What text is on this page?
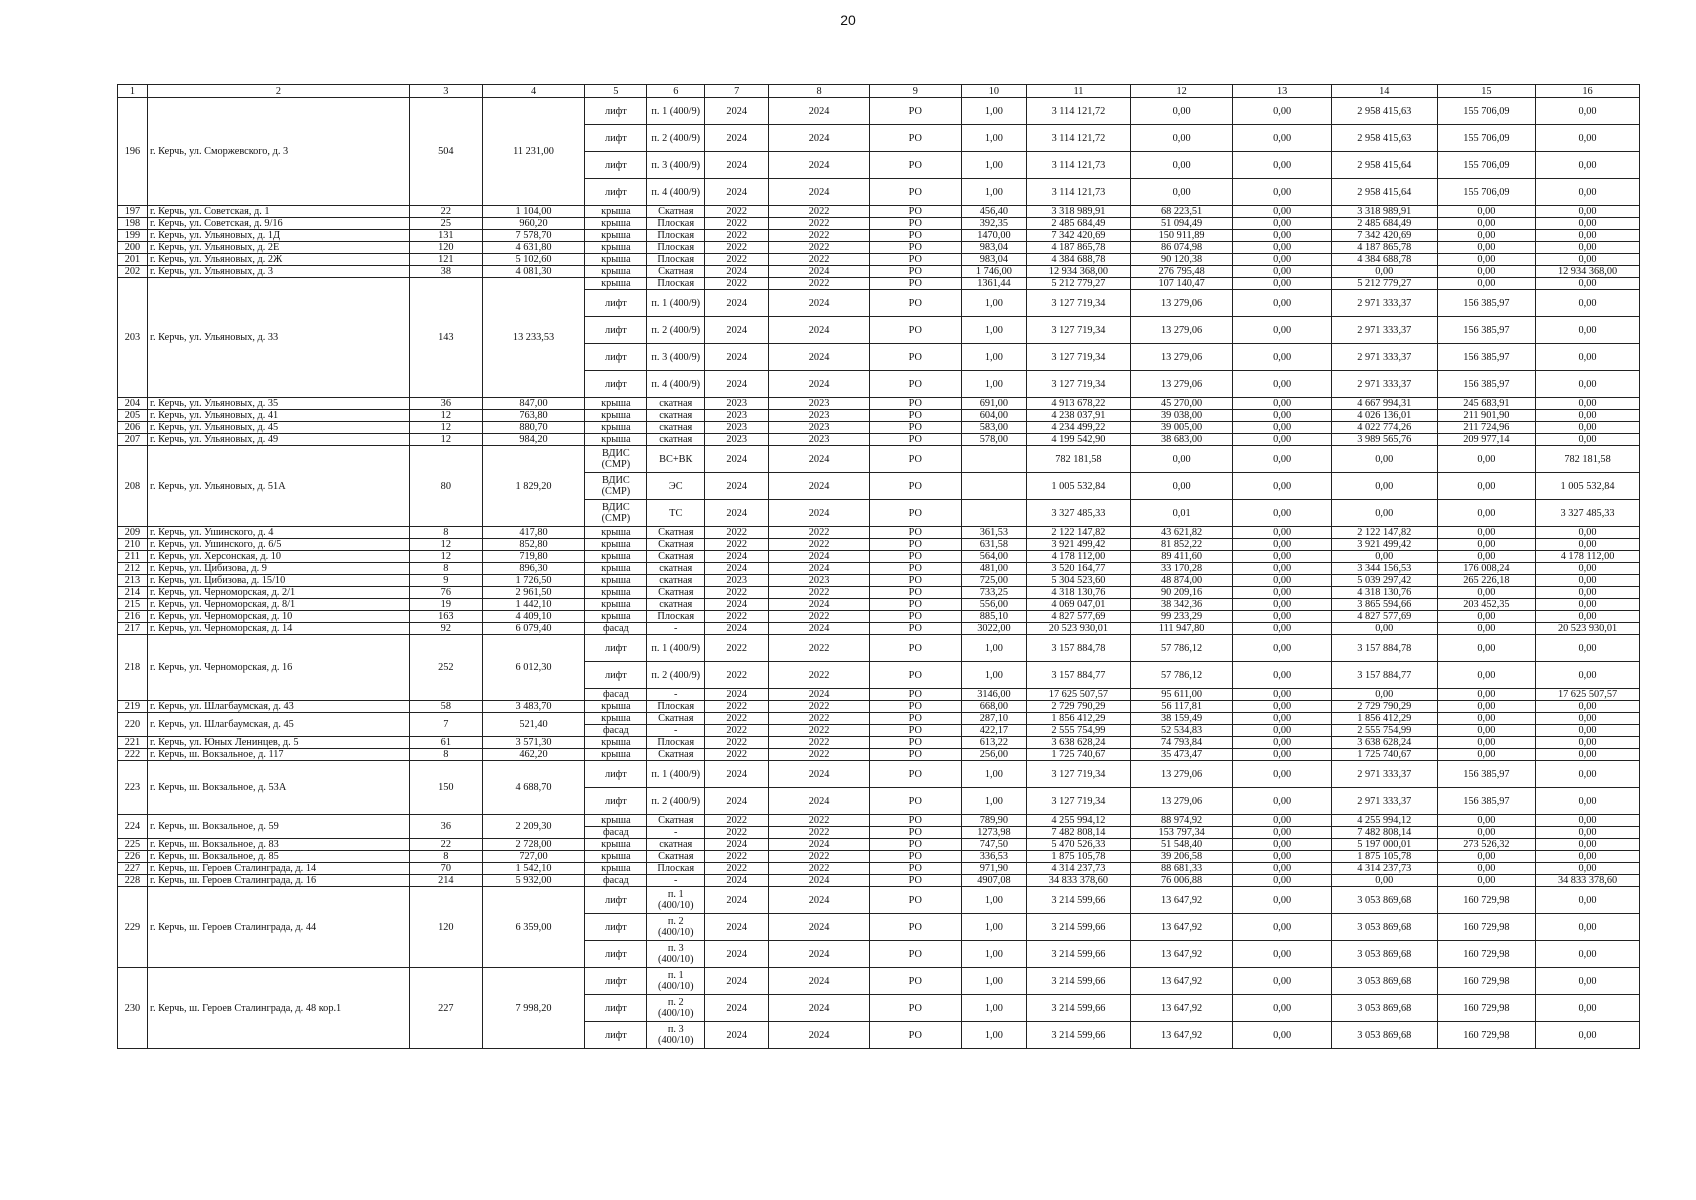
20
1	2	3	4	5	6	7	8	9	10	11	12	13	14	15	16
196	г. Керчь, ул. Сморжевского, д. 3	504	11 231,00	лифт	п. 1 (400/9)	2024	2024	РО	1,00	3 114 121,72	0,00	0,00	2 958 415,63	155 706,09	0,00
				лифт	п. 2 (400/9)	2024	2024	РО	1,00	3 114 121,72	0,00	0,00	2 958 415,63	155 706,09	0,00
				лифт	п. 3 (400/9)	2024	2024	РО	1,00	3 114 121,73	0,00	0,00	2 958 415,64	155 706,09	0,00
				лифт	п. 4 (400/9)	2024	2024	РО	1,00	3 114 121,73	0,00	0,00	2 958 415,64	155 706,09	0,00
197	г. Керчь, ул. Советская, д. 1	22	1 104,00	крыша	Скатная	2022	2022	РО	456,40	3 318 989,91	68 223,51	0,00	3 318 989,91	0,00	0,00
198	г. Керчь, ул. Советская, д. 9/16	25	960,20	крыша	Плоская	2022	2022	РО	392,35	2 485 684,49	51 094,49	0,00	2 485 684,49	0,00	0,00
199	г. Керчь, ул. Ульяновых, д. 1Д	131	7 578,70	крыша	Плоская	2022	2022	РО	1470,00	7 342 420,69	150 911,89	0,00	7 342 420,69	0,00	0,00
200	г. Керчь, ул. Ульяновых, д. 2Е	120	4 631,80	крыша	Плоская	2022	2022	РО	983,04	4 187 865,78	86 074,98	0,00	4 187 865,78	0,00	0,00
201	г. Керчь, ул. Ульяновых, д. 2Ж	121	5 102,60	крыша	Плоская	2022	2022	РО	983,04	4 384 688,78	90 120,38	0,00	4 384 688,78	0,00	0,00
202	г. Керчь, ул. Ульяновых, д. 3	38	4 081,30	крыша	Скатная	2024	2024	РО	1 746,00	12 934 368,00	276 795,48	0,00	0,00	0,00	12 934 368,00
203	г. Керчь, ул. Ульяновых, д. 33	143	13 233,53	крыша	Плоская	2022	2022	РО	1361,44	5 212 779,27	107 140,47	0,00	5 212 779,27	0,00	0,00
				лифт	п. 1 (400/9)	2024	2024	РО	1,00	3 127 719,34	13 279,06	0,00	2 971 333,37	156 385,97	0,00
				лифт	п. 2 (400/9)	2024	2024	РО	1,00	3 127 719,34	13 279,06	0,00	2 971 333,37	156 385,97	0,00
				лифт	п. 3 (400/9)	2024	2024	РО	1,00	3 127 719,34	13 279,06	0,00	2 971 333,37	156 385,97	0,00
				лифт	п. 4 (400/9)	2024	2024	РО	1,00	3 127 719,34	13 279,06	0,00	2 971 333,37	156 385,97	0,00
204	г. Керчь, ул. Ульяновых, д. 35	36	847,00	крыша	скатная	2023	2023	РО	691,00	4 913 678,22	45 270,00	0,00	4 667 994,31	245 683,91	0,00
205	г. Керчь, ул. Ульяновых, д. 41	12	763,80	крыша	скатная	2023	2023	РО	604,00	4 238 037,91	39 038,00	0,00	4 026 136,01	211 901,90	0,00
206	г. Керчь, ул. Ульяновых, д. 45	12	880,70	крыша	скатная	2023	2023	РО	583,00	4 234 499,22	39 005,00	0,00	4 022 774,26	211 724,96	0,00
207	г. Керчь, ул. Ульяновых, д. 49	12	984,20	крыша	скатная	2023	2023	РО	578,00	4 199 542,90	38 683,00	0,00	3 989 565,76	209 977,14	0,00
208	г. Керчь, ул. Ульяновых, д. 51А	80	1 829,20	ВДИС (СМР)	ВС+ВК	2024	2024	РО		782 181,58	0,00	0,00	0,00	0,00	782 181,58
				ВДИС (СМР)	ЭС	2024	2024	РО		1 005 532,84	0,00	0,00	0,00	0,00	1 005 532,84
				ВДИС (СМР)	ТС	2024	2024	РО		3 327 485,33	0,01	0,00	0,00	0,00	3 327 485,33
209	г. Керчь, ул. Ушинского, д. 4	8	417,80	крыша	Скатная	2022	2022	РО	361,53	2 122 147,82	43 621,82	0,00	2 122 147,82	0,00	0,00
210	г. Керчь, ул. Ушинского, д. 6/5	12	852,80	крыша	Скатная	2022	2022	РО	631,58	3 921 499,42	81 852,22	0,00	3 921 499,42	0,00	0,00
211	г. Керчь, ул. Херсонская, д. 10	12	719,80	крыша	Скатная	2024	2024	РО	564,00	4 178 112,00	89 411,60	0,00	0,00	0,00	4 178 112,00
212	г. Керчь, ул. Цибизова, д. 9	8	896,30	крыша	скатная	2024	2024	РО	481,00	3 520 164,77	33 170,28	0,00	3 344 156,53	176 008,24	0,00
213	г. Керчь, ул. Цибизова, д. 15/10	9	1 726,50	крыша	скатная	2023	2023	РО	725,00	5 304 523,60	48 874,00	0,00	5 039 297,42	265 226,18	0,00
214	г. Керчь, ул. Черноморская, д. 2/1	76	2 961,50	крыша	Скатная	2022	2022	РО	733,25	4 318 130,76	90 209,16	0,00	4 318 130,76	0,00	0,00
215	г. Керчь, ул. Черноморская, д. 8/1	19	1 442,10	крыша	скатная	2024	2024	РО	556,00	4 069 047,01	38 342,36	0,00	3 865 594,66	203 452,35	0,00
216	г. Керчь, ул. Черноморская, д. 10	163	4 409,10	крыша	Плоская	2022	2022	РО	885,10	4 827 577,69	99 233,29	0,00	4 827 577,69	0,00	0,00
217	г. Керчь, ул. Черноморская, д. 14	92	6 079,40	фасад	-	2024	2024	РО	3022,00	20 523 930,01	111 947,80	0,00	0,00	0,00	20 523 930,01
218	г. Керчь, ул. Черноморская, д. 16	252	6 012,30	лифт	п. 1 (400/9)	2022	2022	РО	1,00	3 157 884,78	57 786,12	0,00	3 157 884,78	0,00	0,00
				лифт	п. 2 (400/9)	2022	2022	РО	1,00	3 157 884,77	57 786,12	0,00	3 157 884,77	0,00	0,00
				фасад	-	2024	2024	РО	3146,00	17 625 507,57	95 611,00	0,00	0,00	0,00	17 625 507,57
219	г. Керчь, ул. Шлагбаумская, д. 43	58	3 483,70	крыша	Плоская	2022	2022	РО	668,00	2 729 790,29	56 117,81	0,00	2 729 790,29	0,00	0,00
220	г. Керчь, ул. Шлагбаумская, д. 45	7	521,40	крыша	Скатная	2022	2022	РО	287,10	1 856 412,29	38 159,49	0,00	1 856 412,29	0,00	0,00
				фасад	-	2022	2022	РО	422,17	2 555 754,99	52 534,83	0,00	2 555 754,99	0,00	0,00
221	г. Керчь, ул. Юных Ленинцев, д. 5	61	3 571,30	крыша	Плоская	2022	2022	РО	613,22	3 638 628,24	74 793,84	0,00	3 638 628,24	0,00	0,00
222	г. Керчь, ш. Вокзальное, д. 117	8	462,20	крыша	Скатная	2022	2022	РО	256,00	1 725 740,67	35 473,47	0,00	1 725 740,67	0,00	0,00
223	г. Керчь, ш. Вокзальное, д. 53А	150	4 688,70	лифт	п. 1 (400/9)	2024	2024	РО	1,00	3 127 719,34	13 279,06	0,00	2 971 333,37	156 385,97	0,00
				лифт	п. 2 (400/9)	2024	2024	РО	1,00	3 127 719,34	13 279,06	0,00	2 971 333,37	156 385,97	0,00
224	г. Керчь, ш. Вокзальное, д. 59	36	2 209,30	крыша	Скатная	2022	2022	РО	789,90	4 255 994,12	88 974,92	0,00	4 255 994,12	0,00	0,00
				фасад	-	2022	2022	РО	1273,98	7 482 808,14	153 797,34	0,00	7 482 808,14	0,00	0,00
225	г. Керчь, ш. Вокзальное, д. 83	22	2 728,00	крыша	скатная	2024	2024	РО	747,50	5 470 526,33	51 548,40	0,00	5 197 000,01	273 526,32	0,00
226	г. Керчь, ш. Вокзальное, д. 85	8	727,00	крыша	Скатная	2022	2022	РО	336,53	1 875 105,78	39 206,58	0,00	1 875 105,78	0,00	0,00
227	г. Керчь, ш. Героев Сталинграда, д. 14	70	1 542,10	крыша	Плоская	2022	2022	РО	971,90	4 314 237,73	88 681,33	0,00	4 314 237,73	0,00	0,00
228	г. Керчь, ш. Героев Сталинграда, д. 16	214	5 932,00	фасад	-	2024	2024	РО	4907,08	34 833 378,60	76 006,88	0,00	0,00	0,00	34 833 378,60
229	г. Керчь, ш. Героев Сталинграда, д. 44	120	6 359,00	лифт	п. 1 (400/10)	2024	2024	РО	1,00	3 214 599,66	13 647,92	0,00	3 053 869,68	160 729,98	0,00
				лифт	п. 2 (400/10)	2024	2024	РО	1,00	3 214 599,66	13 647,92	0,00	3 053 869,68	160 729,98	0,00
				лифт	п. 3 (400/10)	2024	2024	РО	1,00	3 214 599,66	13 647,92	0,00	3 053 869,68	160 729,98	0,00
230	г. Керчь, ш. Героев Сталинграда, д. 48 кор.1	227	7 998,20	лифт	п. 1 (400/10)	2024	2024	РО	1,00	3 214 599,66	13 647,92	0,00	3 053 869,68	160 729,98	0,00
				лифт	п. 2 (400/10)	2024	2024	РО	1,00	3 214 599,66	13 647,92	0,00	3 053 869,68	160 729,98	0,00
				лифт	п. 3 (400/10)	2024	2024	РО	1,00	3 214 599,66	13 647,92	0,00	3 053 869,68	160 729,98	0,00
